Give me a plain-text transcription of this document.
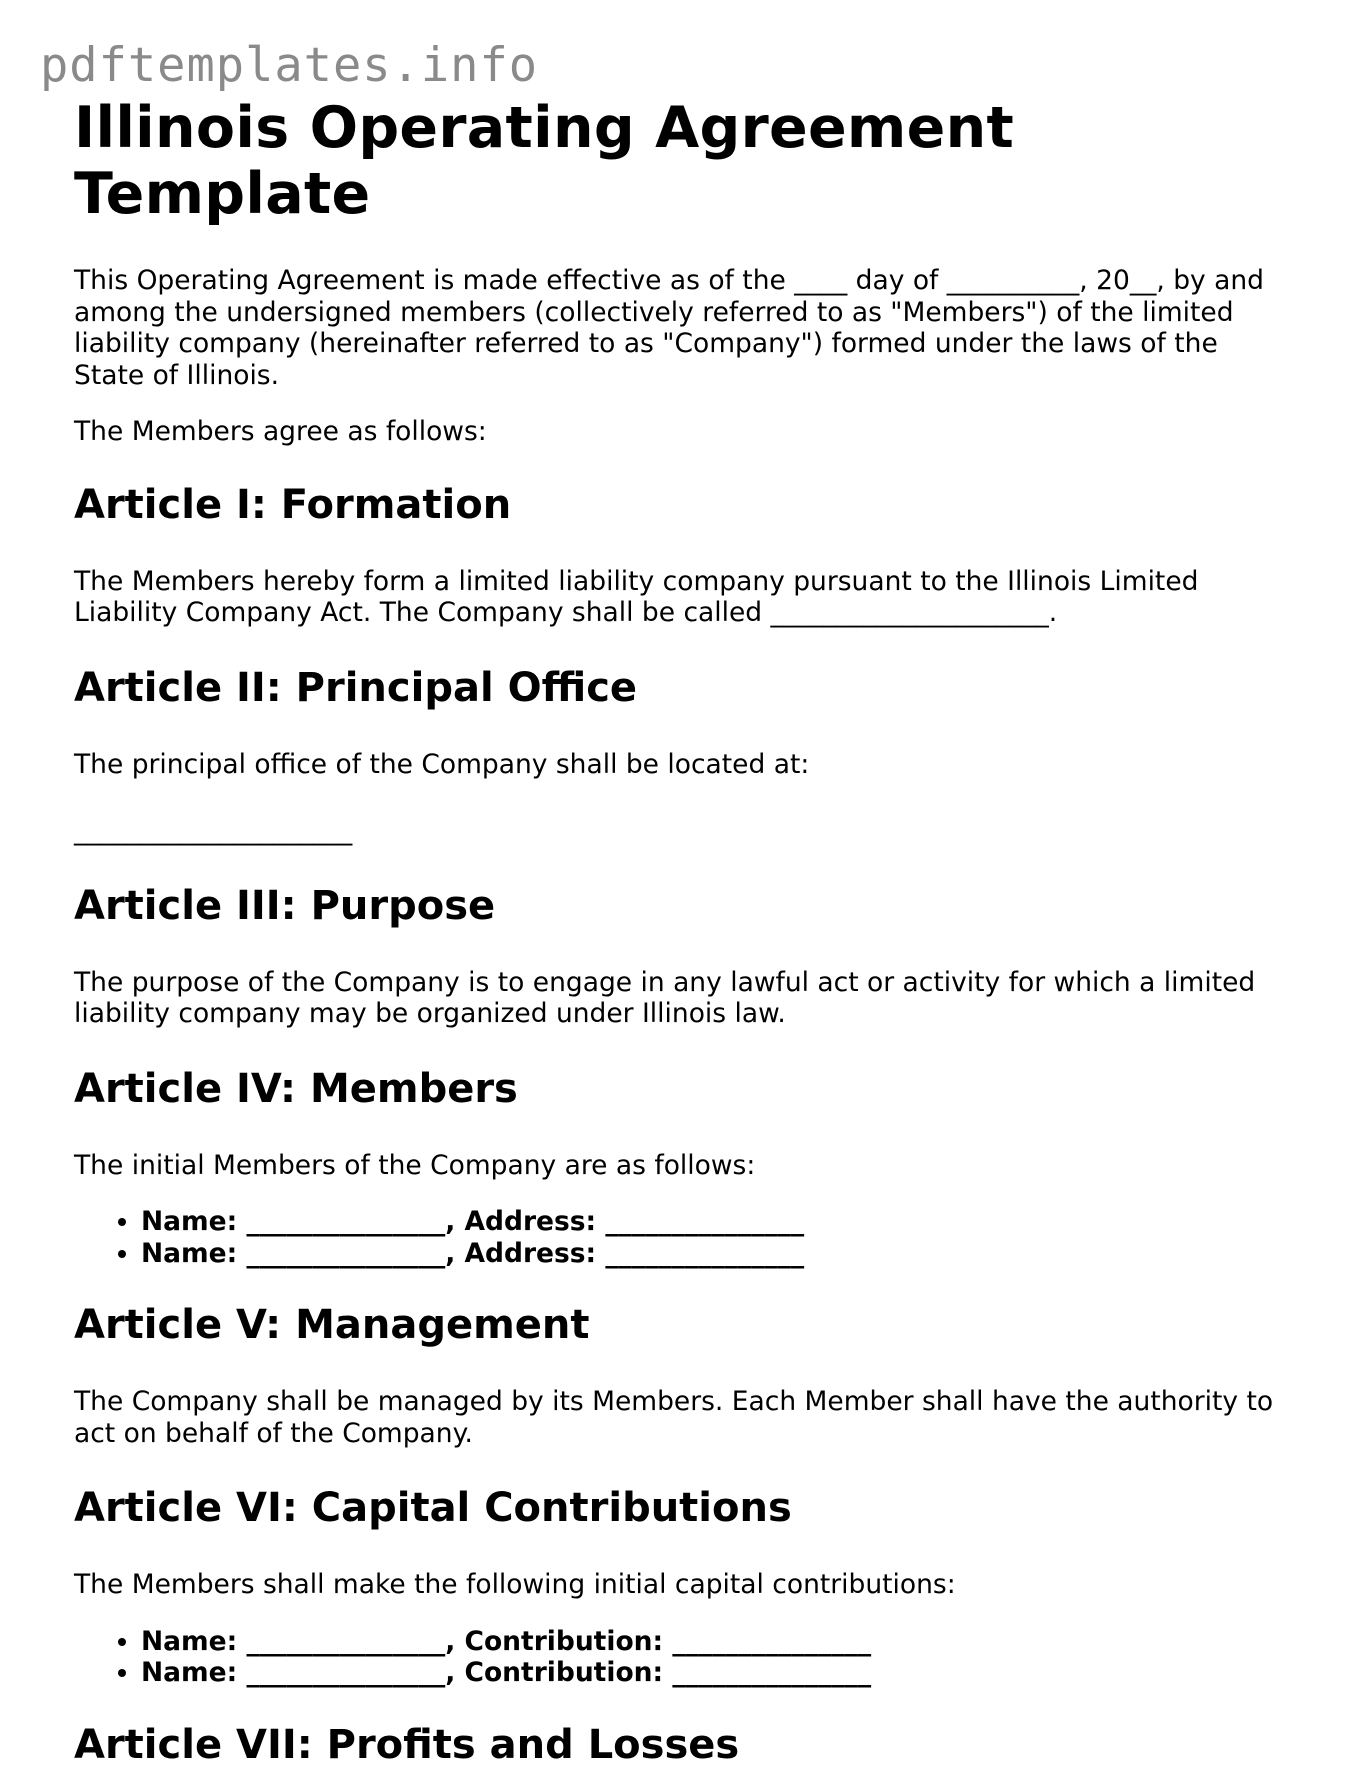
pdftemplates.info
Illinois Operating Agreement Template

This Operating Agreement is made effective as of the ____ day of __________, 20__, by and among the undersigned members (collectively referred to as "Members") of the limited liability company (hereinafter referred to as "Company") formed under the laws of the State of Illinois.

The Members agree as follows:

Article I: Formation

The Members hereby form a limited liability company pursuant to the Illinois Limited Liability Company Act. The Company shall be called _____________________.

Article II: Principal Office

The principal office of the Company shall be located at:

_____________________

Article III: Purpose

The purpose of the Company is to engage in any lawful act or activity for which a limited liability company may be organized under Illinois law.

Article IV: Members

The initial Members of the Company are as follows:

• Name: _______________, Address: _______________
• Name: _______________, Address: _______________
Article V: Management

The Company shall be managed by its Members. Each Member shall have the authority to act on behalf of the Company.

Article VI: Capital Contributions

The Members shall make the following initial capital contributions:

• Name: _______________, Contribution: _______________
• Name: _______________, Contribution: _______________
Article VII: Profits and Losses
